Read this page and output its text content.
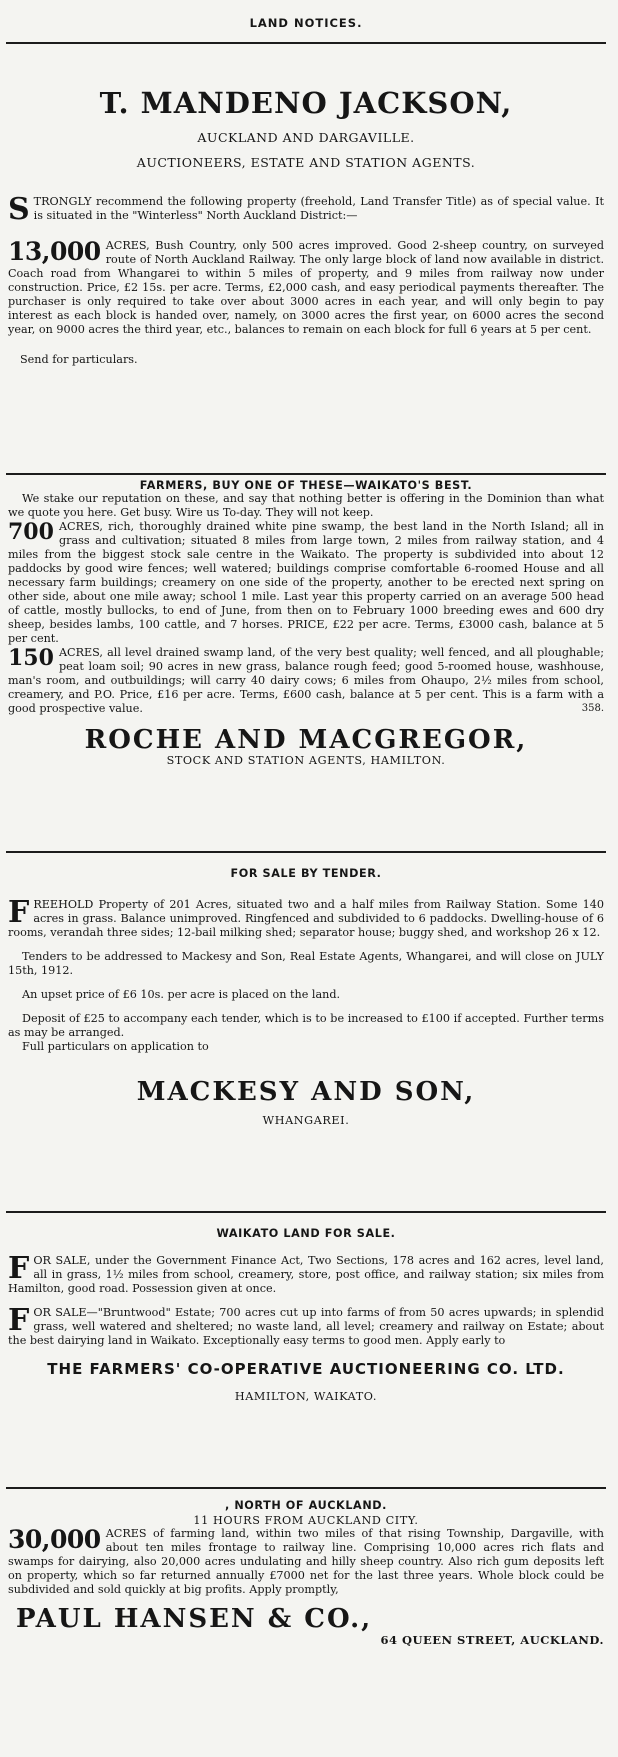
LAND NOTICES.
T. MANDENO JACKSON,
AUCKLAND AND DARGAVILLE.
AUCTIONEERS, ESTATE AND STATION AGENTS.
S TRONGLY recommend the following property (freehold, Land Transfer Title) as of special value. It is situated in the "Winterless" North Auckland District:—

13,000 ACRES, Bush Country, only 500 acres improved. Good 2-sheep country, on surveyed route of North Auckland Railway. The only large block of land now available in district. Coach road from Whangarei to within 5 miles of property, and 9 miles from railway now under construction. Price, £2 15s. per acre. Terms, £2,000 cash, and easy periodical payments thereafter. The purchaser is only required to take over about 3000 acres in each year, and will only begin to pay interest as each block is handed over, namely, on 3000 acres the first year, on 6000 acres the second year, on 9000 acres the third year, etc., balances to remain on each block for full 6 years at 5 per cent.

Send for particulars.
FARMERS, BUY ONE OF THESE—WAIKATO'S BEST.

We stake our reputation on these, and say that nothing better is offering in the Dominion than what we quote you here. Get busy. Wire us To-day. They will not keep.

700 ACRES, rich, thoroughly drained white pine swamp, the best land in the North Island; all in grass and cultivation; situated 8 miles from large town, 2 miles from railway station, and 4 miles from the biggest stock sale centre in the Waikato. The property is subdivided into about 12 paddocks by good wire fences; well watered; buildings comprise comfortable 6-roomed House and all necessary farm buildings; creamery on one side of the property, another to be erected next spring on other side, about one mile away; school 1 mile. Last year this property carried on an average 500 head of cattle, mostly bullocks, to end of June, from then on to February 1000 breeding ewes and 600 dry sheep, besides lambs, 100 cattle, and 7 horses. PRICE, £22 per acre. Terms, £3000 cash, balance at 5 per cent.

150 ACRES, all level drained swamp land, of the very best quality; well fenced, and all ploughable; peat loam soil; 90 acres in new grass, balance rough feed; good 5-roomed house, washhouse, man's room, and outbuildings; will carry 40 dairy cows; 6 miles from Ohaupo, 2½ miles from school, creamery, and P.O. Price, £16 per acre. Terms, £600 cash, balance at 5 per cent. This is a farm with a good prospective value.	358.

ROCHE AND MACGREGOR,
STOCK AND STATION AGENTS, HAMILTON.
FOR SALE BY TENDER.
F REEHOLD Property of 201 Acres, situated two and a half miles from Railway Station. Some 140 acres in grass. Balance unimproved. Ringfenced and subdivided to 6 paddocks. Dwelling-house of 6 rooms, verandah three sides; 12-bail milking shed; separator house; buggy shed, and workshop 26 x 12.

Tenders to be addressed to Mackesy and Son, Real Estate Agents, Whangarei, and will close on JULY 15th, 1912.

An upset price of £6 10s. per acre is placed on the land.

Deposit of £25 to accompany each tender, which is to be increased to £100 if accepted. Further terms as may be arranged.

Full particulars on application to

MACKESY AND SON,
WHANGAREI.
WAIKATO LAND FOR SALE.
F OR SALE, under the Government Finance Act, Two Sections, 178 acres and 162 acres, level land, all in grass, 1½ miles from school, creamery, store, post office, and railway station; six miles from Hamilton, good road. Possession given at once.

F OR SALE—"Bruntwood" Estate; 700 acres cut up into farms of from 50 acres upwards; in splendid grass, well watered and sheltered; no waste land, all level; creamery and railway on Estate; about the best dairying land in Waikato. Exceptionally easy terms to good men. Apply early to

THE FARMERS' CO-OPERATIVE AUCTIONEERING CO. LTD.
HAMILTON, WAIKATO.
, NORTH OF AUCKLAND.
11 HOURS FROM AUCKLAND CITY.
30,000 ACRES of farming land, within two miles of that rising Township, Dargaville, with about ten miles frontage to railway line. Comprising 10,000 acres rich flats and swamps for dairying, also 20,000 acres undulating and hilly sheep country. Also rich gum deposits left on property, which so far returned annually £7000 net for the last three years. Whole block could be subdivided and sold quickly at big profits. Apply promptly,

PAUL HANSEN & CO.,
64 QUEEN STREET, AUCKLAND.
